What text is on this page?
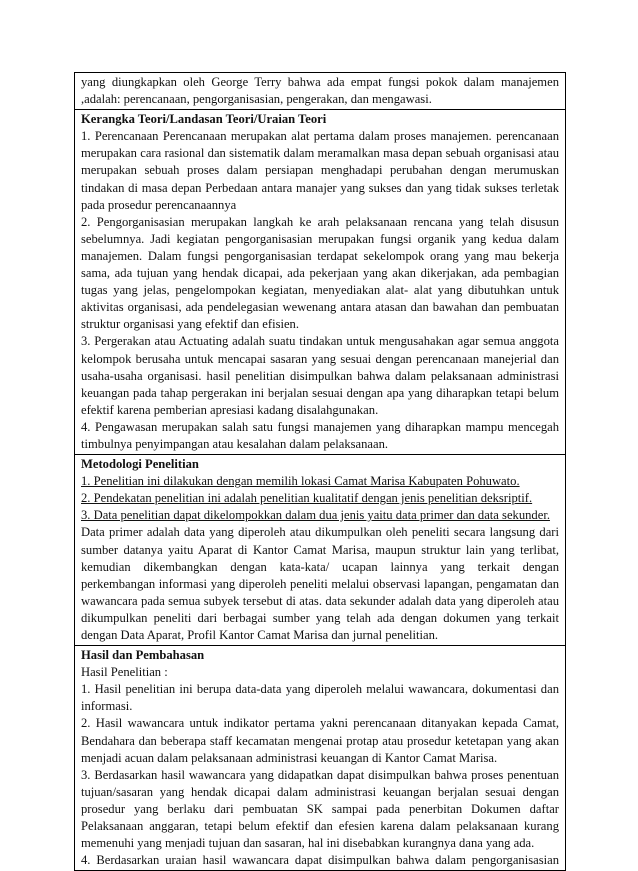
yang diungkapkan oleh George Terry bahwa ada empat fungsi pokok dalam manajemen ,adalah: perencanaan, pengorganisasian, pengerakan, dan mengawasi.

Kerangka Teori/Landasan Teori/Uraian Teori

1. Perencanaan Perencanaan merupakan alat pertama dalam proses manajemen. perencanaan merupakan cara rasional dan sistematik dalam meramalkan masa depan sebuah organisasi atau merupakan sebuah proses dalam persiapan menghadapi perubahan dengan merumuskan tindakan di masa depan Perbedaan antara manajer yang sukses dan yang tidak sukses terletak pada prosedur perencanaannya

2. Pengorganisasian merupakan langkah ke arah pelaksanaan rencana yang telah disusun sebelumnya. Jadi kegiatan pengorganisasian merupakan fungsi organik yang kedua dalam manajemen. Dalam fungsi pengorganisasian terdapat sekelompok orang yang mau bekerja sama, ada tujuan yang hendak dicapai, ada pekerjaan yang akan dikerjakan, ada pembagian tugas yang jelas, pengelompokan kegiatan, menyediakan alat- alat yang dibutuhkan untuk aktivitas organisasi, ada pendelegasian wewenang antara atasan dan bawahan dan pembuatan struktur organisasi yang efektif dan efisien.

3. Pergerakan atau Actuating adalah suatu tindakan untuk mengusahakan agar semua anggota kelompok berusaha untuk mencapai sasaran yang sesuai dengan perencanaan manejerial dan usaha-usaha organisasi. hasil penelitian disimpulkan bahwa dalam pelaksanaan administrasi keuangan pada tahap pergerakan ini berjalan sesuai dengan apa yang diharapkan tetapi belum efektif karena pemberian apresiasi kadang disalahgunakan.

4. Pengawasan merupakan salah satu fungsi manajemen yang diharapkan mampu mencegah timbulnya penyimpangan atau kesalahan dalam pelaksanaan.

Metodologi Penelitian

1. Penelitian ini dilakukan dengan memilih lokasi Camat Marisa Kabupaten Pohuwato.

2. Pendekatan penelitian ini adalah penelitian kualitatif dengan jenis penelitian deksriptif.

3. Data penelitian dapat dikelompokkan dalam dua jenis yaitu data primer dan data sekunder.

Data primer adalah data yang diperoleh atau dikumpulkan oleh peneliti secara langsung dari sumber datanya yaitu Aparat di Kantor Camat Marisa, maupun struktur lain yang terlibat, kemudian dikembangkan dengan kata-kata/ ucapan lainnya yang terkait dengan perkembangan informasi yang diperoleh peneliti melalui observasi lapangan, pengamatan dan wawancara pada semua subyek tersebut di atas. data sekunder adalah data yang diperoleh atau dikumpulkan peneliti dari berbagai sumber yang telah ada dengan dokumen yang terkait dengan Data Aparat, Profil Kantor Camat Marisa dan jurnal penelitian.

Hasil dan Pembahasan

Hasil Penelitian :

1. Hasil penelitian ini berupa data-data yang diperoleh melalui wawancara, dokumentasi dan informasi.

2. Hasil wawancara untuk indikator pertama yakni perencanaan ditanyakan kepada Camat, Bendahara dan beberapa staff kecamatan mengenai protap atau prosedur ketetapan yang akan menjadi acuan dalam pelaksanaan administrasi keuangan di Kantor Camat Marisa.

3. Berdasarkan hasil wawancara yang didapatkan dapat disimpulkan bahwa proses penentuan tujuan/sasaran yang hendak dicapai dalam administrasi keuangan berjalan sesuai dengan prosedur yang berlaku dari pembuatan SK sampai pada penerbitan Dokumen daftar Pelaksanaan anggaran, tetapi belum efektif dan efesien karena dalam pelaksanaan kurang memenuhi yang menjadi tujuan dan sasaran, hal ini disebabkan kurangnya dana yang ada.

4. Berdasarkan uraian hasil wawancara dapat disimpulkan bahwa dalam pengorganisasian
